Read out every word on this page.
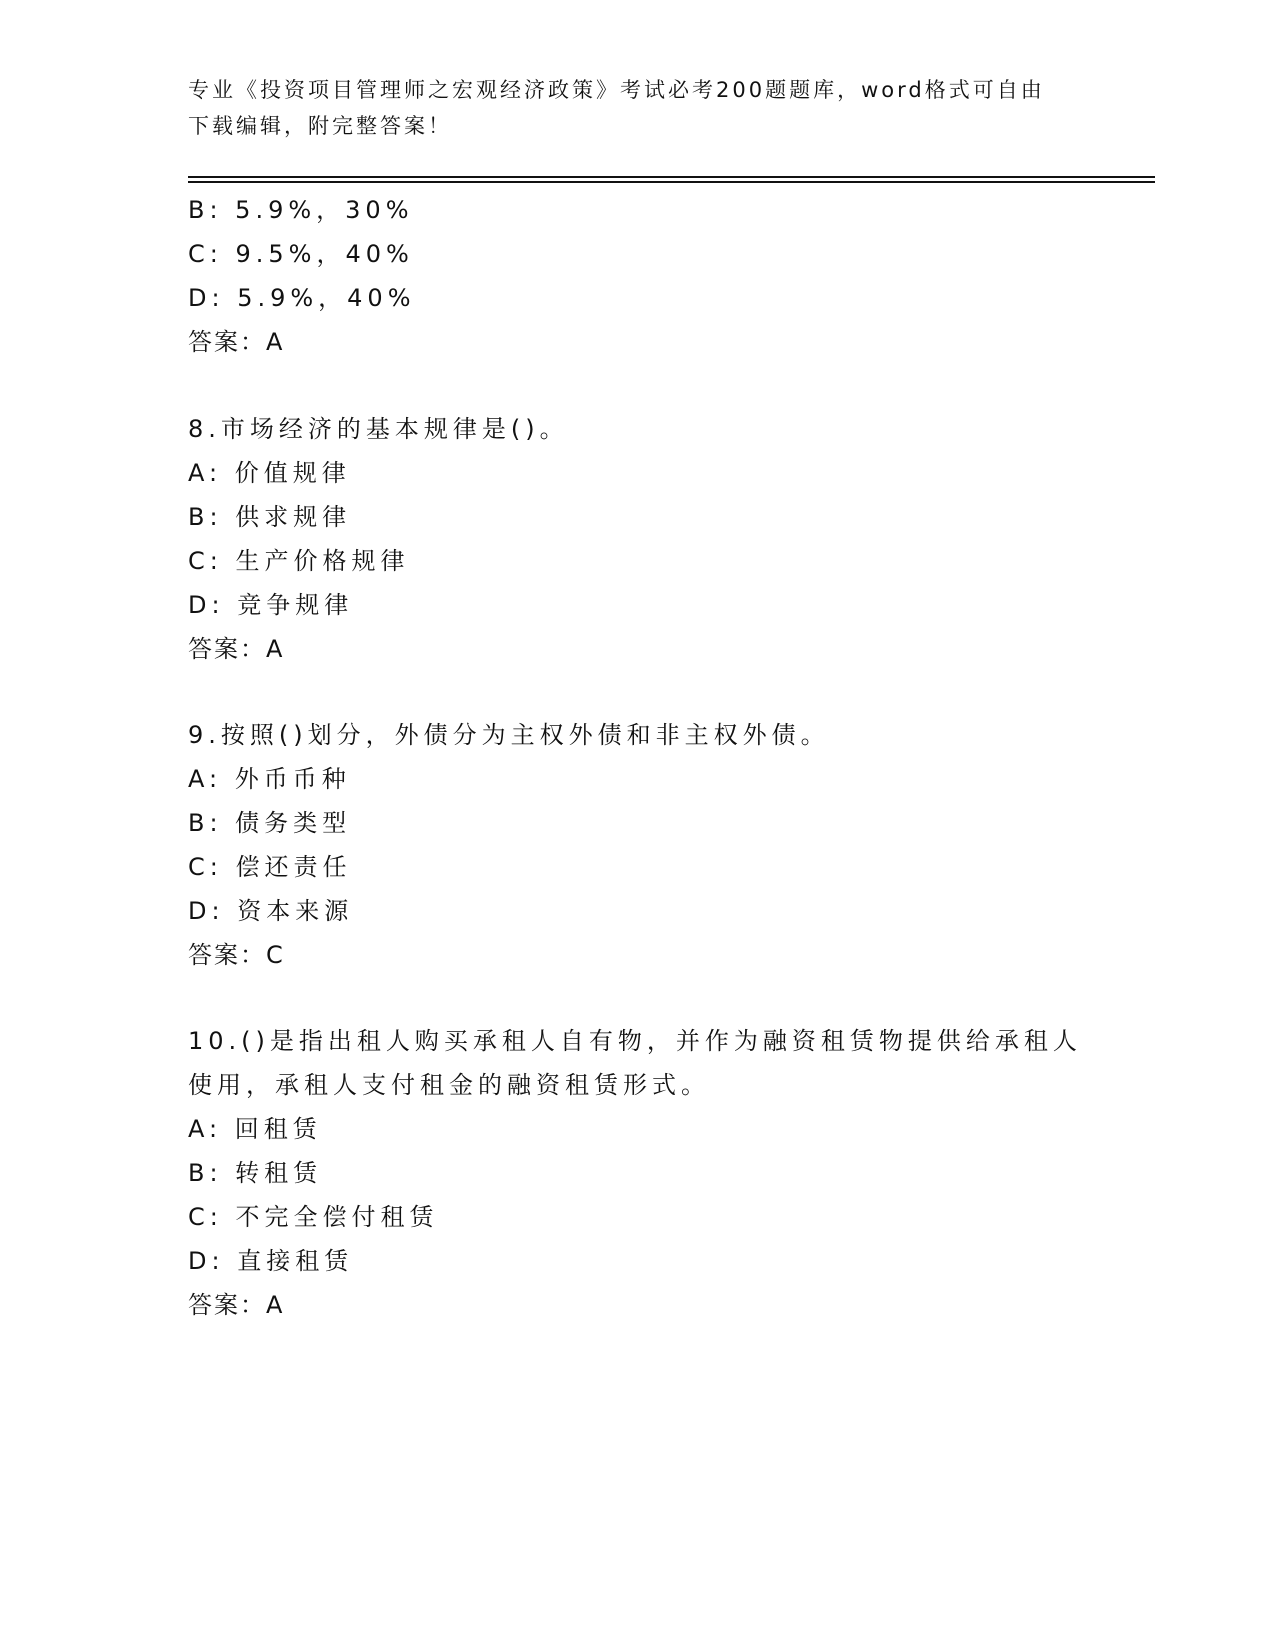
专业《投资项目管理师之宏观经济政策》考试必考200题题库，word格式可自由
下载编辑，附完整答案！
B: 5.9%，30%
C: 9.5%，40%
D: 5.9%，40%
答案：A
8.市场经济的基本规律是()。
A: 价值规律
B: 供求规律
C: 生产价格规律
D: 竞争规律
答案：A
9.按照()划分，外债分为主权外债和非主权外债。
A: 外币币种
B: 债务类型
C: 偿还责任
D: 资本来源
答案：C
10.()是指出租人购买承租人自有物，并作为融资租赁物提供给承租人
使用，承租人支付租金的融资租赁形式。
A: 回租赁
B: 转租赁
C: 不完全偿付租赁
D: 直接租赁
答案：A
